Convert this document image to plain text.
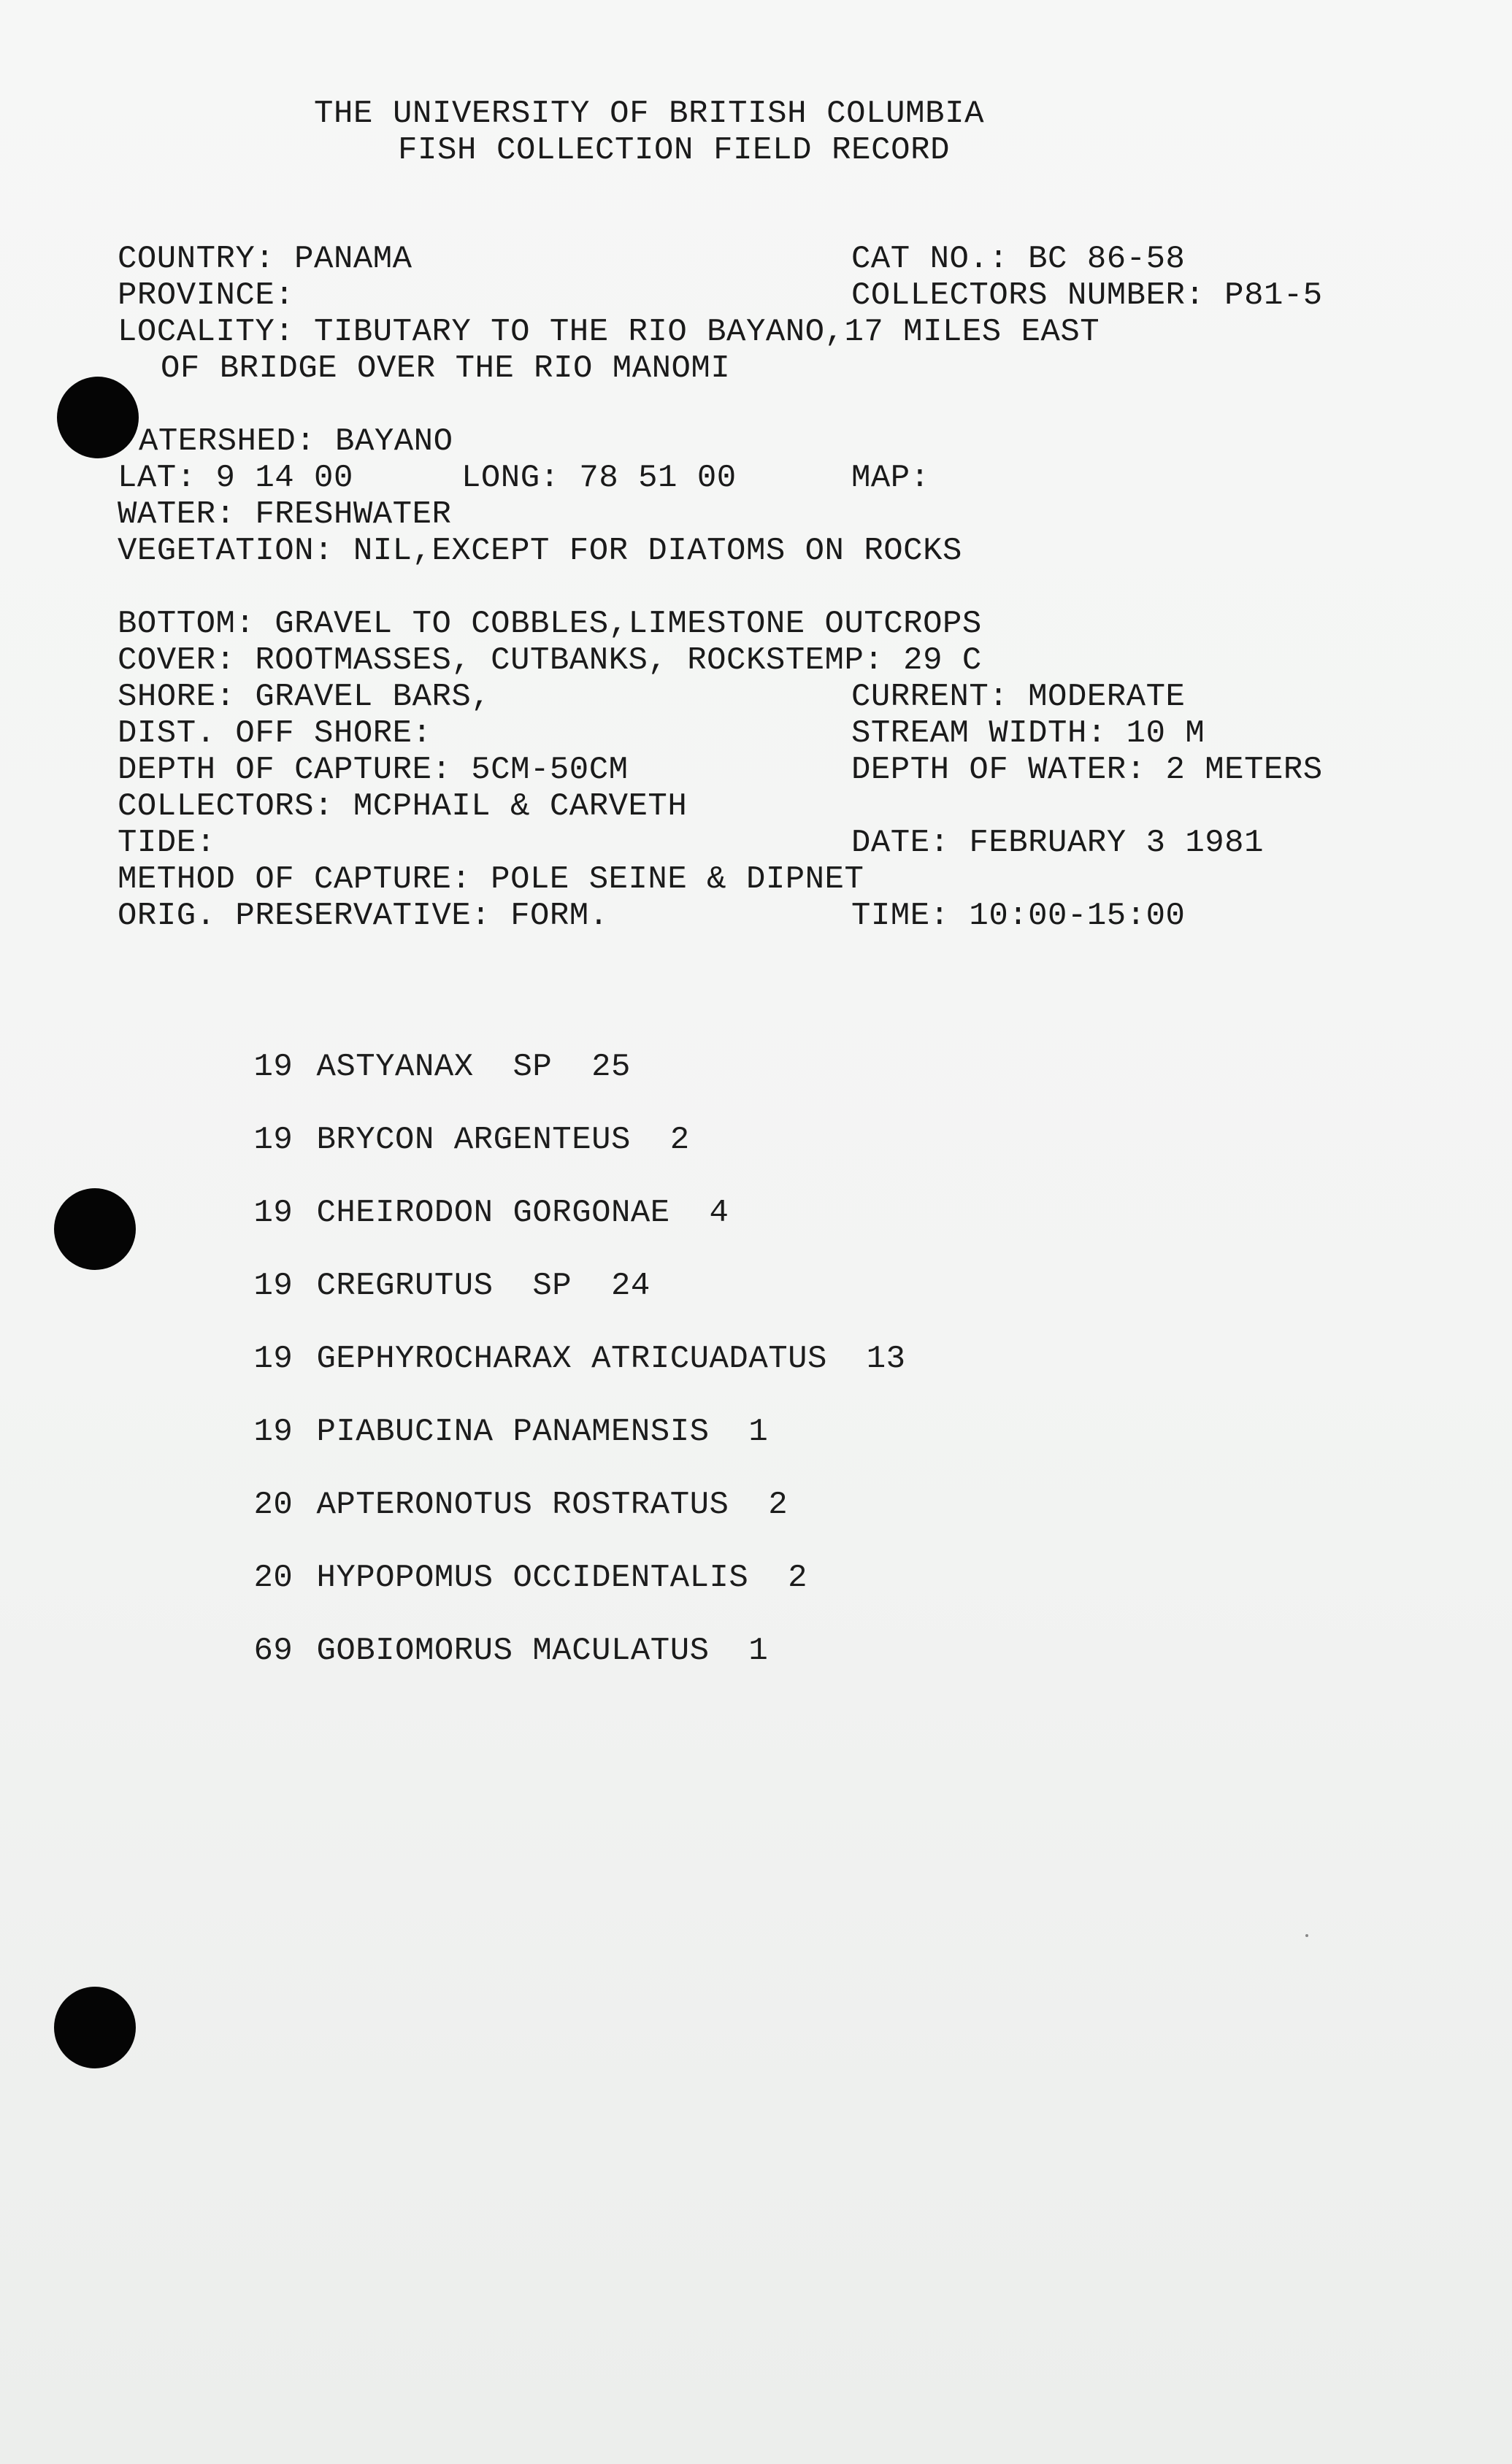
THE UNIVERSITY OF BRITISH COLUMBIA
FISH COLLECTION FIELD RECORD
COUNTRY: PANAMA	CAT NO.: BC 86-58
PROVINCE:	COLLECTORS NUMBER: P81-5
LOCALITY: TIBUTARY TO THE RIO BAYANO,17 MILES EAST
OF BRIDGE OVER THE RIO MANOMI
ATERSHED: BAYANO
LAT: 9 14 00	LONG: 78 51 00	MAP:
WATER: FRESHWATER
VEGETATION: NIL,EXCEPT FOR DIATOMS ON ROCKS
BOTTOM: GRAVEL TO COBBLES,LIMESTONE OUTCROPS
COVER: ROOTMASSES, CUTBANKS, ROCKSTEMP: 29 C
SHORE: GRAVEL BARS,	CURRENT: MODERATE
DIST. OFF SHORE:	STREAM WIDTH: 10 M
DEPTH OF CAPTURE: 5CM-50CM	DEPTH OF WATER: 2 METERS
COLLECTORS: MCPHAIL & CARVETH
TIDE:	DATE: FEBRUARY 3 1981
METHOD OF CAPTURE: POLE SEINE & DIPNET
ORIG. PRESERVATIVE: FORM.	TIME: 10:00-15:00

19 ASTYANAX  SP  25

19 BRYCON ARGENTEUS  2

19 CHEIRODON GORGONAE  4

19 CREGRUTUS  SP  24

19 GEPHYROCHARAX ATRICUADATUS  13

19 PIABUCINA PANAMENSIS  1

20 APTERONOTUS ROSTRATUS  2

20 HYPOPOMUS OCCIDENTALIS  2

69 GOBIOMORUS MACULATUS  1
